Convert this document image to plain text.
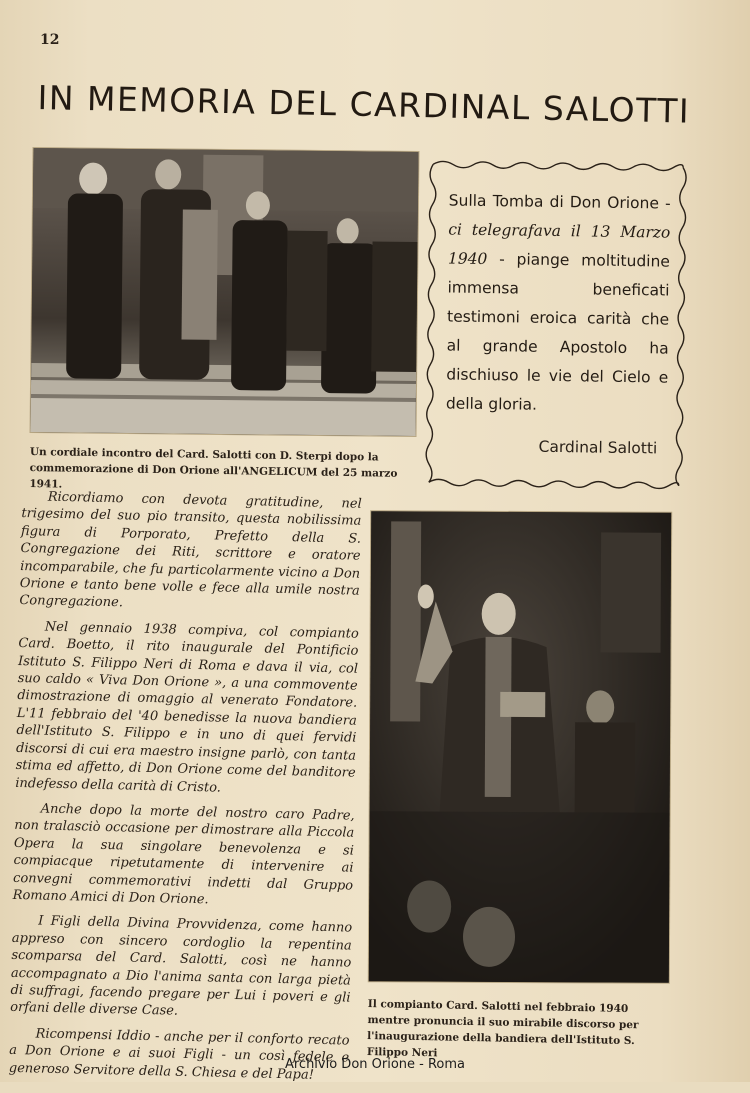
12
IN MEMORIA DEL CARDINAL SALOTTI
Un cordiale incontro del Card. Salotti con D. Sterpi dopo la commemorazione di Don Orione all'ANGELICUM del 25 marzo 1941.
Sulla Tomba di Don Orione - ci telegrafava il 13 Marzo 1940 - piange moltitudine immensa beneficati testimoni eroica carità che al grande Apostolo ha dischiuso le vie del Cielo e della gloria.
Cardinal Salotti

Ricordiamo con devota gratitudine, nel trigesimo del suo pio transito, questa nobilissima figura di Porporato, Prefetto della S. Congregazione dei Riti, scrittore e oratore incomparabile, che fu particolarmente vicino a Don Orione e tanto bene volle e fece alla umile nostra Congregazione.

Nel gennaio 1938 compiva, col compianto Card. Boetto, il rito inaugurale del Pontificio Istituto S. Filippo Neri di Roma e dava il via, col suo caldo « Viva Don Orione », a una commovente dimostrazione di omaggio al venerato Fondatore. L'11 febbraio del '40 benedisse la nuova bandiera dell'Istituto S. Filippo e in uno di quei fervidi discorsi di cui era maestro insigne parlò, con tanta stima ed affetto, di Don Orione come del banditore indefesso della carità di Cristo.

Anche dopo la morte del nostro caro Padre, non tralasciò occasione per dimostrare alla Piccola Opera la sua singolare benevolenza e si compiacque ripetutamente di intervenire ai convegni commemorativi indetti dal Gruppo Romano Amici di Don Orione.

I Figli della Divina Provvidenza, come hanno appreso con sincero cordoglio la repentina scomparsa del Card. Salotti, così ne hanno accompagnato a Dio l'anima santa con larga pietà di suffragi, facendo pregare per Lui i poveri e gli orfani delle diverse Case.

Ricompensi Iddio - anche per il conforto recato a Don Orione e ai suoi Figli - un così fedele e generoso Servitore della S. Chiesa e del Papa!

Il compianto Card. Salotti nel febbraio 1940 mentre pronuncia il suo mirabile discorso per l'inaugurazione della bandiera dell'Istituto S. Filippo Neri
Archivio Don Orione - Roma
